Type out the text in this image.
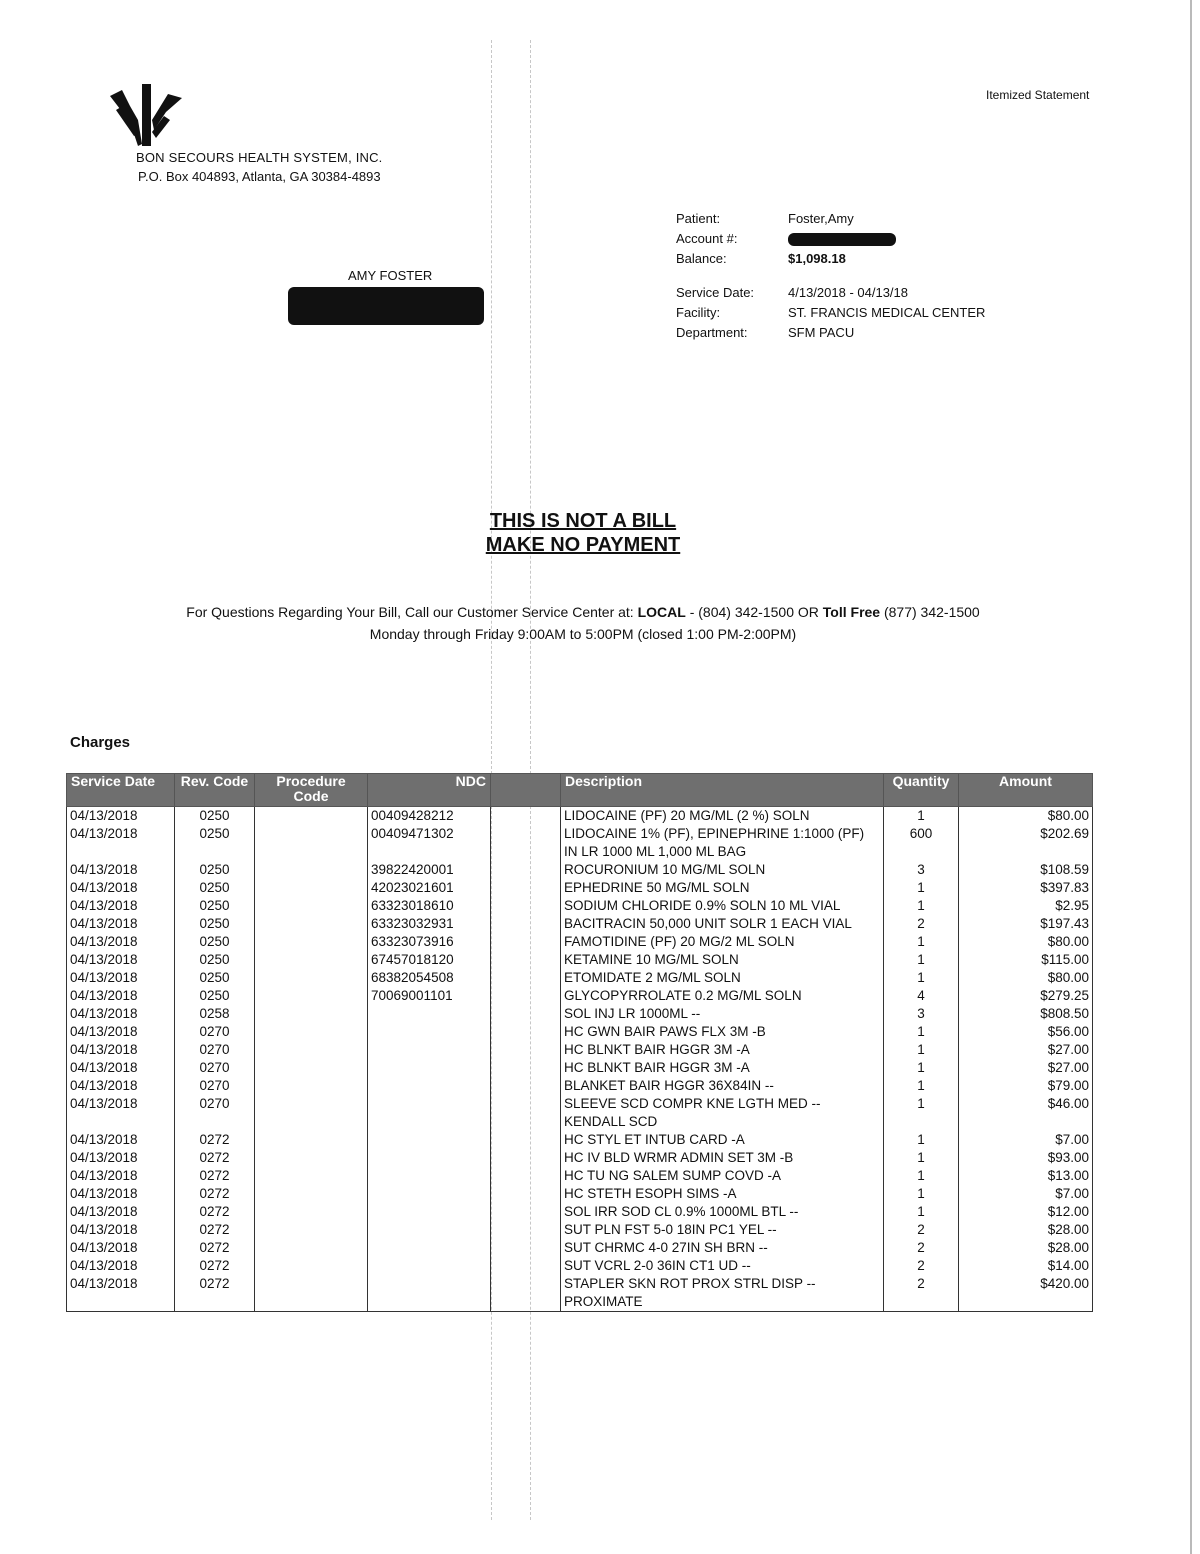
Itemized Statement
BON SECOURS HEALTH SYSTEM, INC.
P.O. Box 404893, Atlanta, GA 30384-4893
AMY FOSTER
Patient:	Foster,Amy
Account #:	

Balance:	$1,098.18

Service Date:	4/13/2018 - 04/13/18
Facility:	ST. FRANCIS MEDICAL CENTER
Department:	SFM PACU
THIS IS NOT A BILL
MAKE NO PAYMENT
For Questions Regarding Your Bill, Call our Customer Service Center at: LOCAL - (804) 342-1500 OR Toll Free (877) 342-1500
Monday through Friday 9:00AM to 5:00PM (closed 1:00 PM-2:00PM)
Charges
Service Date	Rev. Code	Procedure Code	NDC		Description	Quantity	Amount
04/13/2018	0250		00409428212		LIDOCAINE (PF) 20 MG/ML (2 %) SOLN	1	$80.00
04/13/2018	0250		00409471302		LIDOCAINE 1% (PF), EPINEPHRINE 1:1000 (PF) IN LR 1000 ML 1,000 ML BAG	600	$202.69
04/13/2018	0250		39822420001		ROCURONIUM 10 MG/ML SOLN	3	$108.59
04/13/2018	0250		42023021601		EPHEDRINE 50 MG/ML SOLN	1	$397.83
04/13/2018	0250		63323018610		SODIUM CHLORIDE 0.9% SOLN 10 ML VIAL	1	$2.95
04/13/2018	0250		63323032931		BACITRACIN 50,000 UNIT SOLR 1 EACH VIAL	2	$197.43
04/13/2018	0250		63323073916		FAMOTIDINE (PF) 20 MG/2 ML SOLN	1	$80.00
04/13/2018	0250		67457018120		KETAMINE 10 MG/ML SOLN	1	$115.00
04/13/2018	0250		68382054508		ETOMIDATE 2 MG/ML SOLN	1	$80.00
04/13/2018	0250		70069001101		GLYCOPYRROLATE 0.2 MG/ML SOLN	4	$279.25
04/13/2018	0258				SOL INJ LR 1000ML --	3	$808.50
04/13/2018	0270				HC GWN BAIR PAWS FLX 3M -B	1	$56.00
04/13/2018	0270				HC BLNKT BAIR HGGR 3M -A	1	$27.00
04/13/2018	0270				HC BLNKT BAIR HGGR 3M -A	1	$27.00
04/13/2018	0270				BLANKET BAIR HGGR 36X84IN --	1	$79.00
04/13/2018	0270				SLEEVE SCD COMPR KNE LGTH MED -- KENDALL SCD	1	$46.00
04/13/2018	0272				HC STYL ET INTUB CARD -A	1	$7.00
04/13/2018	0272				HC IV BLD WRMR ADMIN SET 3M -B	1	$93.00
04/13/2018	0272				HC TU NG SALEM SUMP COVD -A	1	$13.00
04/13/2018	0272				HC STETH ESOPH SIMS -A	1	$7.00
04/13/2018	0272				SOL IRR SOD CL 0.9% 1000ML BTL --	1	$12.00
04/13/2018	0272				SUT PLN FST 5-0 18IN PC1 YEL --	2	$28.00
04/13/2018	0272				SUT CHRMC 4-0 27IN SH BRN --	2	$28.00
04/13/2018	0272				SUT VCRL 2-0 36IN CT1 UD --	2	$14.00
04/13/2018	0272				STAPLER SKN ROT PROX STRL DISP -- PROXIMATE	2	$420.00
